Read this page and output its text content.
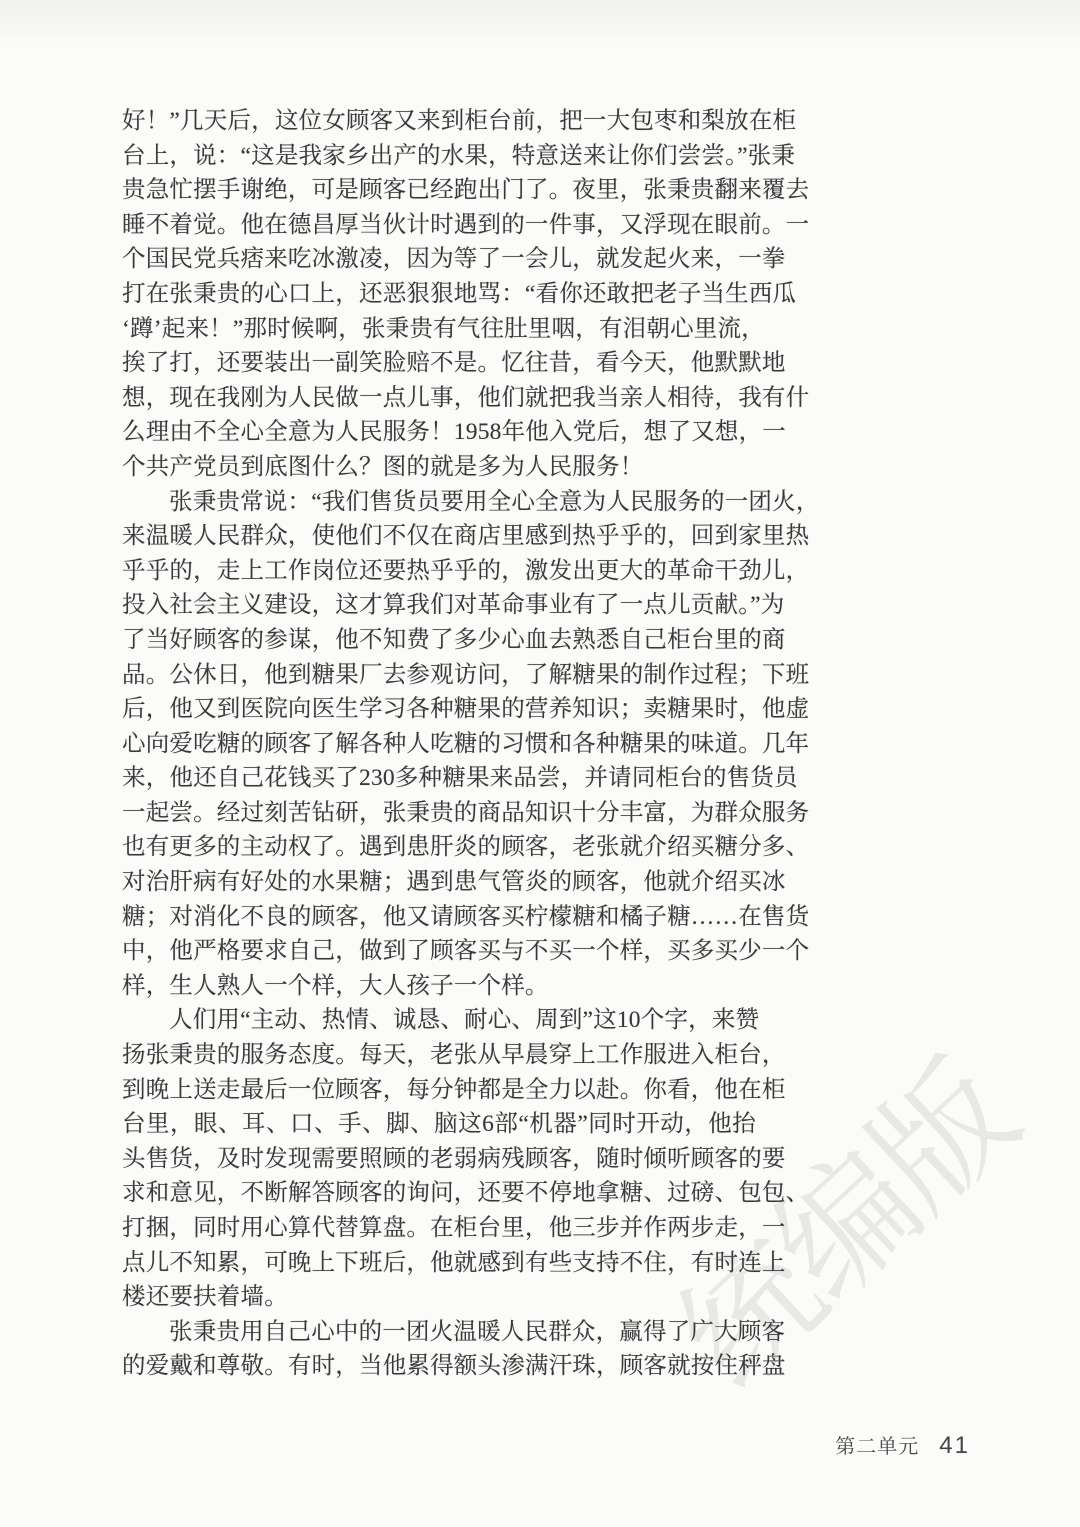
好！”几天后，这位女顾客又来到柜台前，把一大包枣和梨放在柜
台上，说：“这是我家乡出产的水果，特意送来让你们尝尝。”张秉
贵急忙摆手谢绝，可是顾客已经跑出门了。夜里，张秉贵翻来覆去
睡不着觉。他在德昌厚当伙计时遇到的一件事，又浮现在眼前。一
个国民党兵痞来吃冰激凌，因为等了一会儿，就发起火来，一拳
打在张秉贵的心口上，还恶狠狠地骂：“看你还敢把老子当生西瓜
‘蹲’起来！”那时候啊，张秉贵有气往肚里咽，有泪朝心里流，
挨了打，还要装出一副笑脸赔不是。忆往昔，看今天，他默默地
想，现在我刚为人民做一点儿事，他们就把我当亲人相待，我有什
么理由不全心全意为人民服务！1958年他入党后，想了又想，一
个共产党员到底图什么？图的就是多为人民服务！
张秉贵常说：“我们售货员要用全心全意为人民服务的一团火，
来温暖人民群众，使他们不仅在商店里感到热乎乎的，回到家里热
乎乎的，走上工作岗位还要热乎乎的，激发出更大的革命干劲儿，
投入社会主义建设，这才算我们对革命事业有了一点儿贡献。”为
了当好顾客的参谋，他不知费了多少心血去熟悉自己柜台里的商
品。公休日，他到糖果厂去参观访问，了解糖果的制作过程；下班
后，他又到医院向医生学习各种糖果的营养知识；卖糖果时，他虚
心向爱吃糖的顾客了解各种人吃糖的习惯和各种糖果的味道。几年
来，他还自己花钱买了230多种糖果来品尝，并请同柜台的售货员
一起尝。经过刻苦钻研，张秉贵的商品知识十分丰富，为群众服务
也有更多的主动权了。遇到患肝炎的顾客，老张就介绍买糖分多、
对治肝病有好处的水果糖；遇到患气管炎的顾客，他就介绍买冰
糖；对消化不良的顾客，他又请顾客买柠檬糖和橘子糖……在售货
中，他严格要求自己，做到了顾客买与不买一个样，买多买少一个
样，生人熟人一个样，大人孩子一个样。
人们用“主动、热情、诚恳、耐心、周到”这10个字，来赞
扬张秉贵的服务态度。每天，老张从早晨穿上工作服进入柜台，
到晚上送走最后一位顾客，每分钟都是全力以赴。你看，他在柜
台里，眼、耳、口、手、脚、脑这6部“机器”同时开动，他抬
头售货，及时发现需要照顾的老弱病残顾客，随时倾听顾客的要
求和意见，不断解答顾客的询问，还要不停地拿糖、过磅、包包、
打捆，同时用心算代替算盘。在柜台里，他三步并作两步走，一
点儿不知累，可晚上下班后，他就感到有些支持不住，有时连上
楼还要扶着墙。
张秉贵用自己心中的一团火温暖人民群众，赢得了广大顾客
的爱戴和尊敬。有时，当他累得额头渗满汗珠，顾客就按住秤盘
统编版
第二单元 41
